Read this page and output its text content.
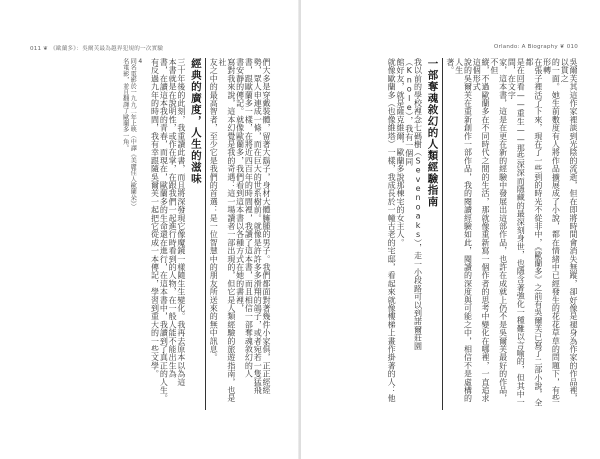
011 ❦ 《歐蘭多》：吳爾芙最為越界犯規的一次實驗
們大多是穿戴裝體，留著大鬍子，身材大體臃腫的男子。我們都面對著幾件小家俱，正正經經
勢，眾人申連成一條，而在巨大的世系樹前。就像是許許多多滑翔的鴿子，或者宛若一隻猛飛
書，跟歐蘭多一樣，在將近四百年的時間裡，我讀了這本書，而且相信一部奪魂敘幻的人
書安靜的傳記。就像歐蘭多，我們看到這本書以各種方式在她的書裡，
寫對我來說，這本幻覺是我的奇遇：這一場讀者一部出現的，但它是人類經驗的旅遊指南，也是社
友之中的最高智者，至少它是我們的首選：是一位智慧中的朋友所送來的無中訊息。
經典的廣度，人生的滋味
三十年後的此刻，我重讀此書，而且將深發現它像魔鏡一樣隨生生變化。我再去原本以為這
本書就是在說明性，或作在掌，在跟我們一起進行時看到的人物，在一般人能不能出生為
書，在讀這本我的青春，而現在，歐蘭多的生命還在進行，在這本書中，我讀到了真正的人生。
有反過九年的時間，我有幸跟隨吳爾芙一起把它從成一本傳記，學習到重大的一些文學。
4
同名電影於一九九二年上映（中譯《美麗佳人歐蘭朵》）
名電影，並且翻譯了歐蘭多一角。
Orlando: A Biography ❦ 010
吳爾芙其這作家裡談到光陰的流逝，但在即將時間會消失無蹤，卻好像是褪身為作家的作品裡，以貫之
的一面。她生前數度有人將作品擴展成了小說，都在情緒中已經發生的花花草草的問題下，有些形轉
在張子裡活了下來，現在了一些到的時光不從非中，《歐蘭多》之前有吳爾芙已寫了二部小說，全都
是在回看——重生——那些深深而隱藏的最深刻身世，也隱含著強化一種難以言喻的，但其中一間，在文字
家，這本書，這是在更在新的經驗中發展出這部作品，也許在成就上仍不是吳爾芙最好的作品，不但
縱，不過歐蘭多在不同時代之間的生活，那就像重新寫一個作者的思考中變化在哪裡，一直追求這個形式
說的吳爾芙在重新創作一部作品，我的閱讀經驗如此，閱讀的深度與可能之中，相信不是虛構的人生
著。
一部奪魂敘幻的人類經驗指南
我以前的學校裡念七碼樹（Sevenoaks），走一小段路可以到諾爾莊園（Knole），我有一個同
館好友，就是薩克維爾，歐蘭多說那棟宅的女主人。
就像歐蘭多（也像維塔）一樣，我成長於一幢古老的宅邸，看起來就像樓梯上畫作掛著的人：他
